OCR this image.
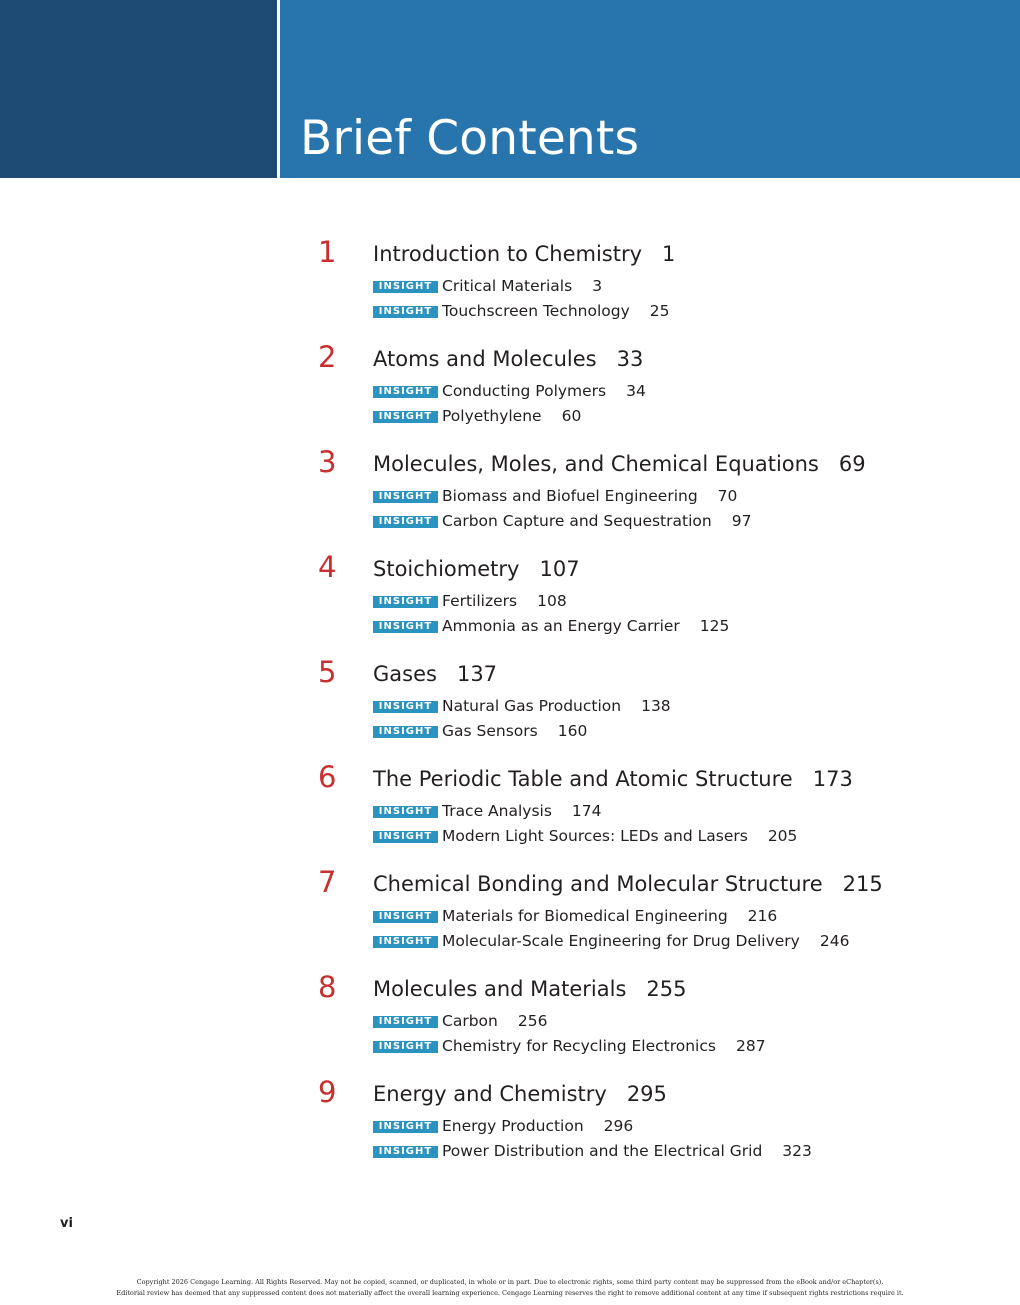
Brief Contents
1	Introduction to Chemistry 1
INSIGHT Critical Materials 3
INSIGHT Touchscreen Technology 25
2	Atoms and Molecules 33
INSIGHT Conducting Polymers 34
INSIGHT Polyethylene 60
3	Molecules, Moles, and Chemical Equations 69
INSIGHT Biomass and Biofuel Engineering 70
INSIGHT Carbon Capture and Sequestration 97
4	Stoichiometry 107
INSIGHT Fertilizers 108
INSIGHT Ammonia as an Energy Carrier 125
5	Gases 137
INSIGHT Natural Gas Production 138
INSIGHT Gas Sensors 160
6	The Periodic Table and Atomic Structure 173
INSIGHT Trace Analysis 174
INSIGHT Modern Light Sources: LEDs and Lasers 205
7	Chemical Bonding and Molecular Structure 215
INSIGHT Materials for Biomedical Engineering 216
INSIGHT Molecular-Scale Engineering for Drug Delivery 246
8	Molecules and Materials 255
INSIGHT Carbon 256
INSIGHT Chemistry for Recycling Electronics 287
9	Energy and Chemistry 295
INSIGHT Energy Production 296
INSIGHT Power Distribution and the Electrical Grid 323
vi
Copyright 2026 Cengage Learning. All Rights Reserved. May not be copied, scanned, or duplicated, in whole or in part. Due to electronic rights, some third party content may be suppressed from the eBook and/or eChapter(s).
Editorial review has deemed that any suppressed content does not materially affect the overall learning experience. Cengage Learning reserves the right to remove additional content at any time if subsequent rights restrictions require it.
